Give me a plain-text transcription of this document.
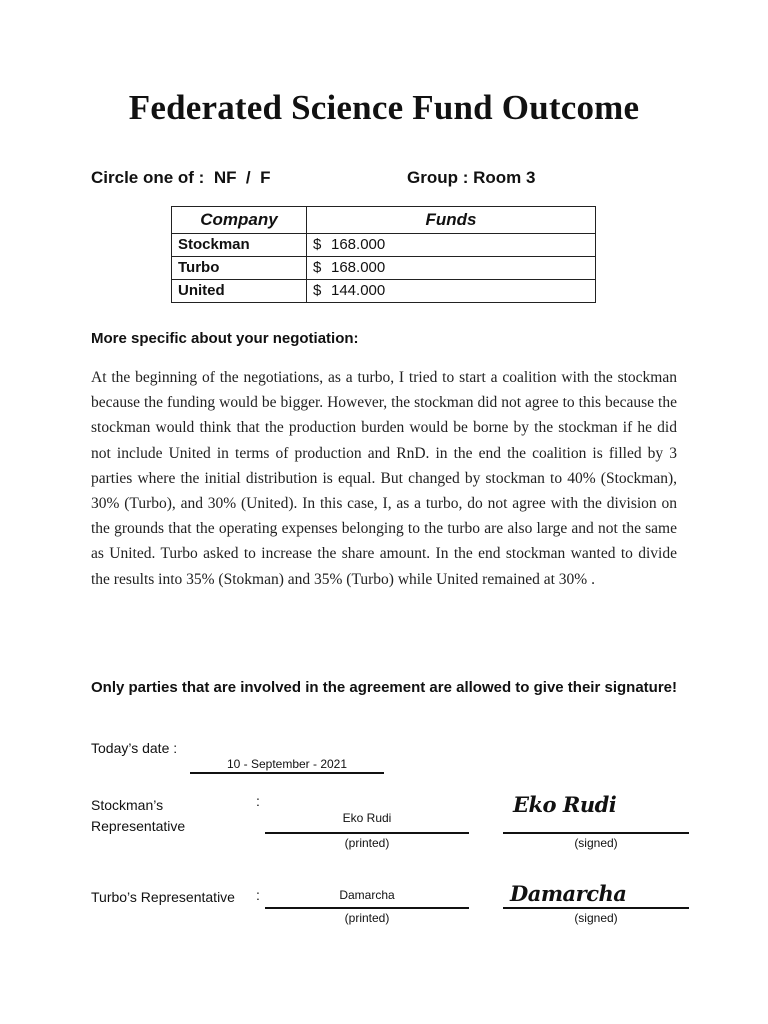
Federated Science Fund Outcome
Circle one of : NF  /  F	Group : Room 3
Company	Funds
Stockman	$ 168.000
Turbo	$ 168.000
United	$ 144.000
More specific about your negotiation:
At the beginning of the negotiations, as a turbo, I tried to start a coalition with the stockman because the funding would be bigger. However, the stockman did not agree to this because the stockman would think that the production burden would be borne by the stockman if he did not include United in terms of production and RnD. in the end the coalition is filled by 3 parties where the initial distribution is equal. But changed by stockman to 40% (Stockman), 30% (Turbo), and 30% (United). In this case, I, as a turbo, do not agree with the division on the grounds that the operating expenses belonging to the turbo are also large and not the same as United. Turbo asked to increase the share amount. In the end stockman wanted to divide the results into 35% (Stokman) and 35% (Turbo) while United remained at 30% .
Only parties that are involved in the agreement are allowed to give their signature!
Today’s date :
10 - September - 2021
Stockman’s
Representative
:
Eko Rudi
(printed)
Eko Rudi
(signed)
Turbo’s Representative :	Damarcha
(printed)
Damarcha
(signed)
